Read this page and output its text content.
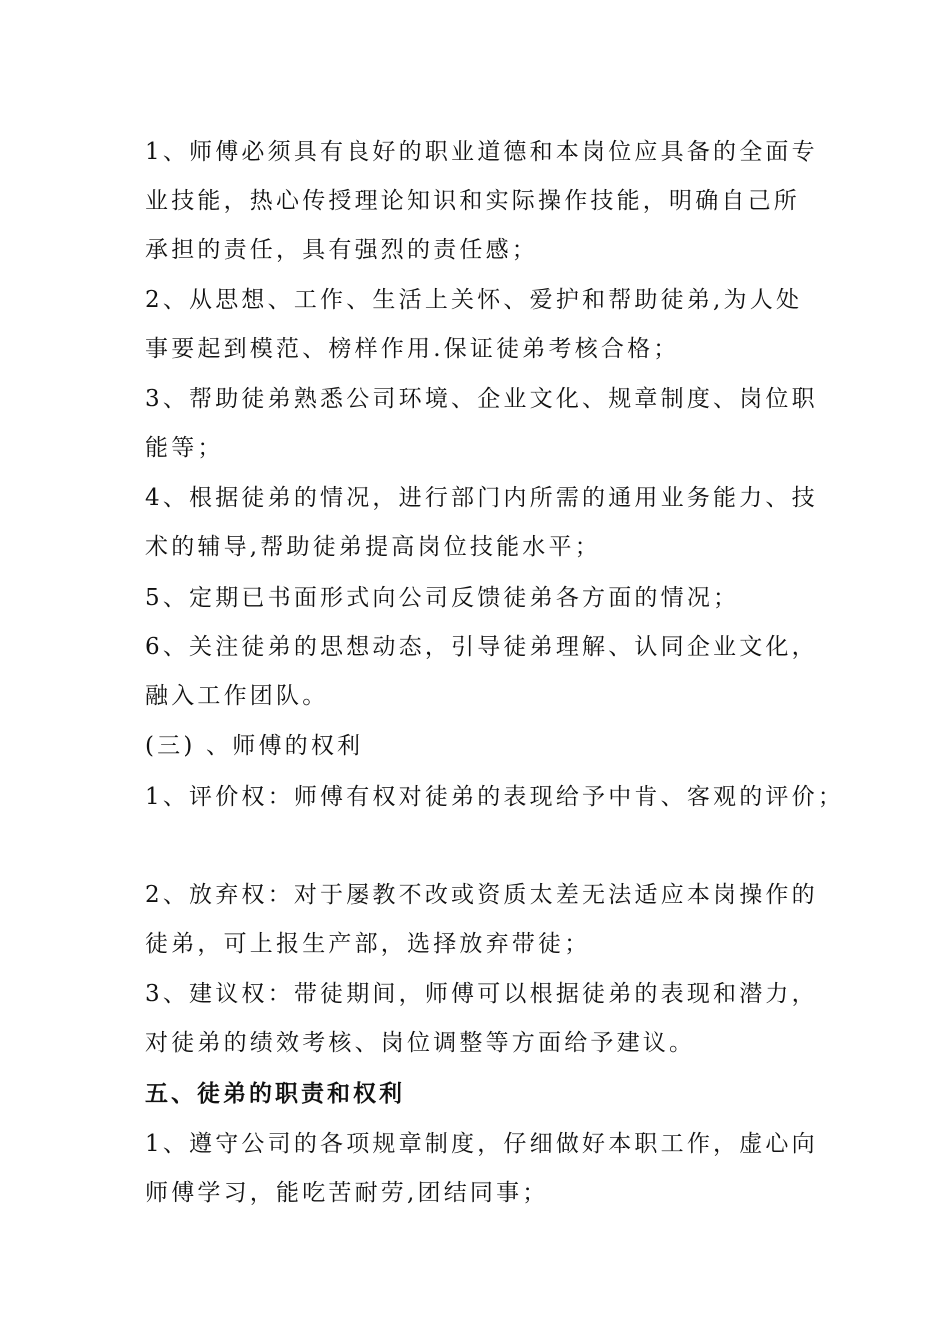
1、师傅必须具有良好的职业道德和本岗位应具备的全面专
业技能，热心传授理论知识和实际操作技能，明确自己所
承担的责任，具有强烈的责任感；
2、从思想、工作、生活上关怀、爱护和帮助徒弟,为人处
事要起到模范、榜样作用.保证徒弟考核合格；
3、帮助徒弟熟悉公司环境、企业文化、规章制度、岗位职
能等；
4、根据徒弟的情况，进行部门内所需的通用业务能力、技
术的辅导,帮助徒弟提高岗位技能水平；
5、定期已书面形式向公司反馈徒弟各方面的情况；
6、关注徒弟的思想动态，引导徒弟理解、认同企业文化，
融入工作团队。
(三) 、师傅的权利
1、评价权：师傅有权对徒弟的表现给予中肯、客观的评价；
2、放弃权：对于屡教不改或资质太差无法适应本岗操作的
徒弟，可上报生产部，选择放弃带徒；
3、建议权：带徒期间，师傅可以根据徒弟的表现和潜力，
对徒弟的绩效考核、岗位调整等方面给予建议。
五、徒弟的职责和权利
1、遵守公司的各项规章制度，仔细做好本职工作，虚心向
师傅学习，能吃苦耐劳,团结同事；
